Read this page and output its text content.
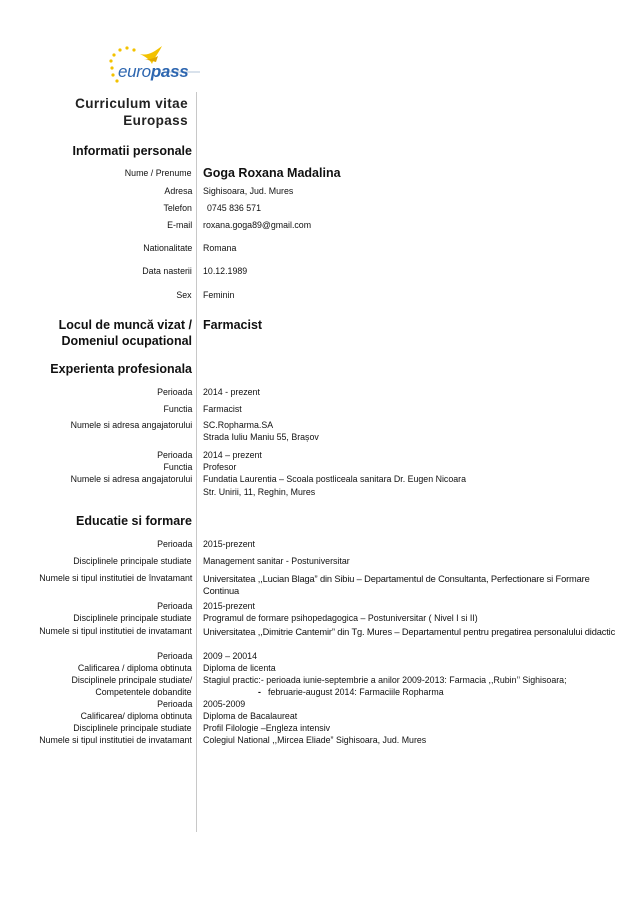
europass
Curriculum vitae
Europass
Informatii personale
Nume / Prenume Goga Roxana Madalina
Adresa Sighisoara, Jud. Mures
Telefon 0745 836 571
E-mail roxana.goga89@gmail.com
Nationalitate Romana
Data nasterii 10.12.1989
Sex Feminin
Locul de muncă vizat /
Domeniul ocupational
Farmacist
Experienta profesionala
Perioada 2014 - prezent
Functia Farmacist
Numele si adresa angajatorului SC.Ropharma.SA
Strada Iuliu Maniu 55, Brașov
Perioada 2014 – prezent
Functia Profesor
Numele si adresa angajatorului Fundatia Laurentia – Scoala postliceala sanitara Dr. Eugen Nicoara
Str. Unirii, 11, Reghin, Mures
Educatie si formare
Perioada 2015-prezent
Disciplinele principale studiate Management sanitar - Postuniversitar
Numele si tipul institutiei de învatamant Universitatea ,,Lucian Blaga” din Sibiu – Departamentul de Consultanta, Perfectionare si Formare Continua
Perioada 2015-prezent
Disciplinele principale studiate Programul de formare psihopedagogica – Postuniversitar ( Nivel I si II)
Numele si tipul institutiei de invatamant Universitatea ,,Dimitrie Cantemir” din Tg. Mures – Departamentul pentru pregatirea personalului didactic
Perioada 2009 – 20014
Calificarea / diploma obtinuta Diploma de licenta
Disciplinele principale studiate/ Stagiul practic:- perioada iunie-septembrie a anilor 2009-2013: Farmacia ,,Rubin’’ Sighisoara;
Competentele dobandite	- februarie-august 2014: Farmaciile Ropharma
Perioada 2005-2009
Calificarea/ diploma obtinuta Diploma de Bacalaureat
Disciplinele principale studiate Profil Filologie –Engleza intensiv
Numele si tipul institutiei de invatamant Colegiul National ,,Mircea Eliade” Sighisoara, Jud. Mures
